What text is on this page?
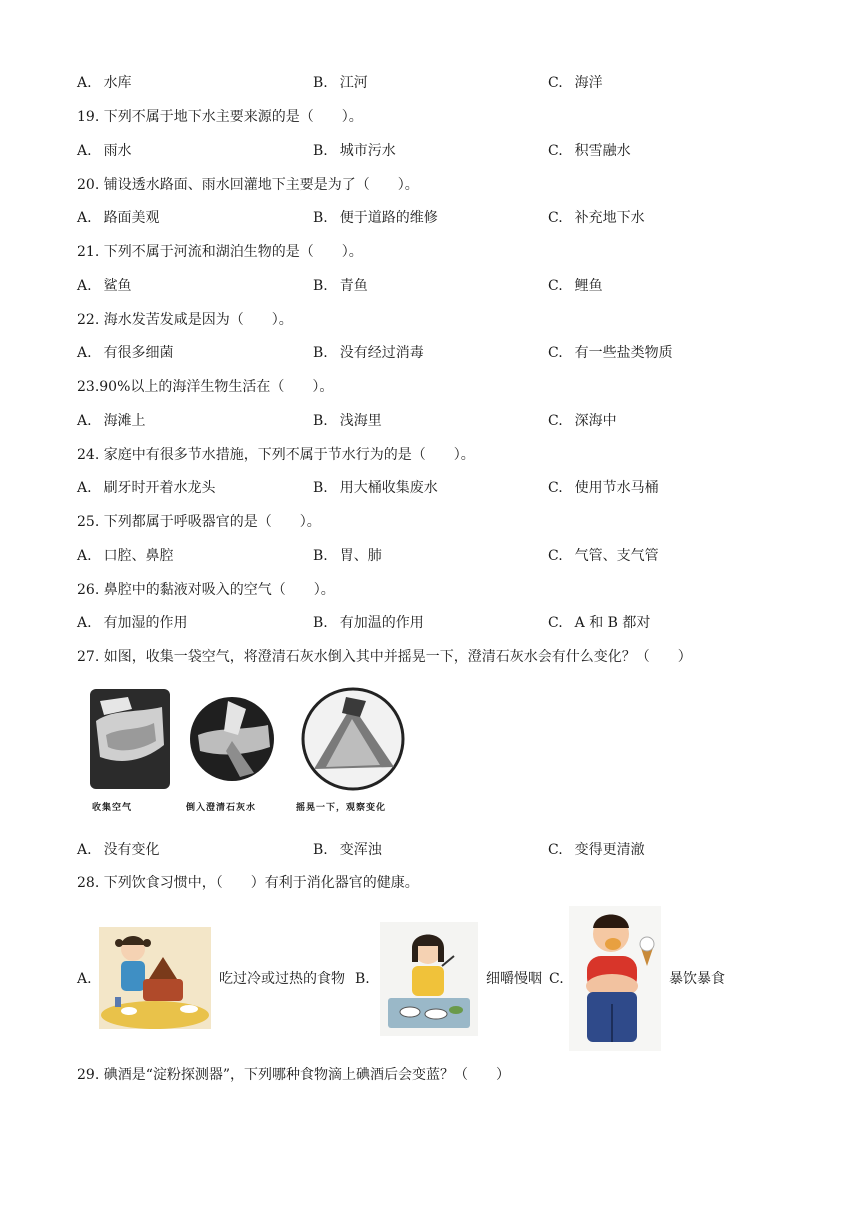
A. 水库	B. 江河	C. 海洋
19. 下列不属于地下水主要来源的是（　　）。
A. 雨水	B. 城市污水	C. 积雪融水
20. 铺设透水路面、雨水回灌地下主要是为了（　　）。
A. 路面美观	B. 便于道路的维修	C. 补充地下水
21. 下列不属于河流和湖泊生物的是（　　）。
A. 鲨鱼	B. 青鱼	C. 鲤鱼
22. 海水发苦发咸是因为（　　）。
A. 有很多细菌	B. 没有经过消毒	C. 有一些盐类物质
23.90%以上的海洋生物生活在（　　）。
A. 海滩上	B. 浅海里	C. 深海中
24. 家庭中有很多节水措施，下列不属于节水行为的是（　　）。
A. 刷牙时开着水龙头	B. 用大桶收集废水	C. 使用节水马桶
25. 下列都属于呼吸器官的是（　　）。
A. 口腔、鼻腔	B. 胃、肺	C. 气管、支气管
26. 鼻腔中的黏液对吸入的空气（　　）。
A. 有加湿的作用	B. 有加温的作用	C. A 和 B 都对
27. 如图，收集一袋空气，将澄清石灰水倒入其中并摇晃一下，澄清石灰水会有什么变化？（　　）
收集空气	倒入澄清石灰水	摇晃一下，观察变化
A. 没有变化	B. 变浑浊	C. 变得更清澈
28. 下列饮食习惯中，（　　）有利于消化器官的健康。
A.	吃过冷或过热的食物 B.	细嚼慢咽 C.	暴饮暴食
29. 碘酒是“淀粉探测器”，下列哪种食物滴上碘酒后会变蓝？（　　）
